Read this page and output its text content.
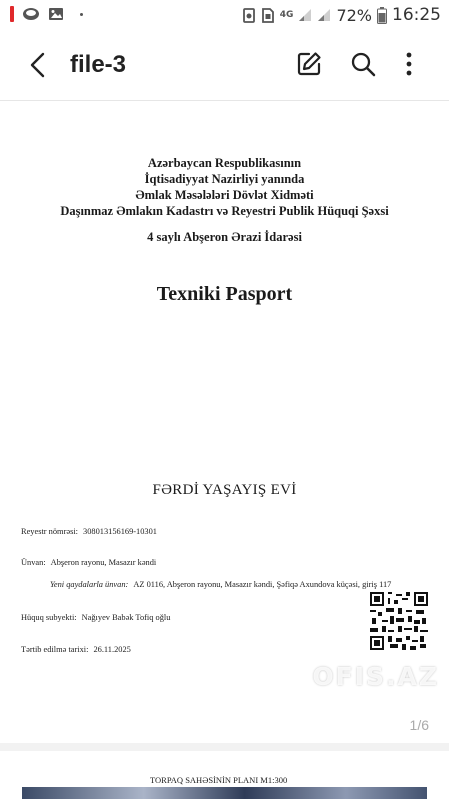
4G	72% 16:25
file-3
Azərbaycan Respublikasının
İqtisadiyyat Nazirliyi yanında
Əmlak Məsələləri Dövlət Xidməti
Daşınmaz Əmlakın Kadastrı və Reyestri Publik Hüquqi Şəxsi
4 saylı Abşeron Ərazi İdarəsi
Texniki Pasport
FƏRDİ YAŞAYIŞ EVİ
Reyestr nömrəsi: 308013156169-10301
Ünvan: Abşeron rayonu, Masazır kəndi
Yeni qaydalarla ünvan: AZ 0116, Abşeron rayonu, Masazır kəndi, Şəfiqə Axundova küçəsi, giriş 117
Hüquq subyekti: Nağıyev Babək Tofiq oğlu
Tərtib edilmə tarixi: 26.11.2025
1/6
TORPAQ SAHƏSİNİN PLANI M1:300
OFIS.AZ
